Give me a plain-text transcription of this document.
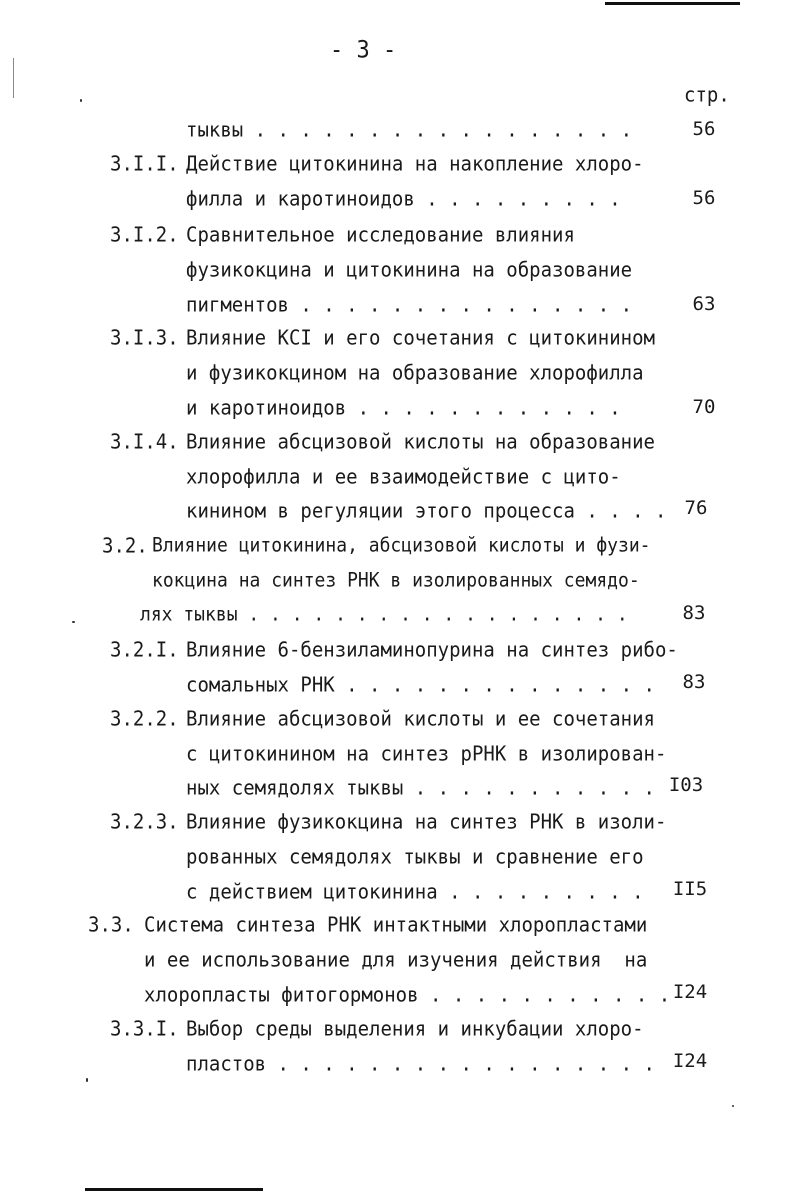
- 3 -
стр.
тыквы . . . . . . . . . . . . . . . . .	56
3.I.I. Действие цитокинина на накопление хлоро-
филла и каротиноидов . . . . . . . . .	56
3.I.2. Сравнительное исследование влияния
фузикокцина и цитокинина на образование
пигментов . . . . . . . . . . . . . . .	63
3.I.3. Влияние KCI и его сочетания с цитокинином
и фузикокцином на образование хлорофилла
и каротиноидов . . . . . . . . . . . .	70
3.I.4. Влияние абсцизовой кислоты на образование
хлорофилла и ее взаимодействие с цито-
кинином в регуляции этого процесса . . . . 76
3.2. Влияние цитокинина, абсцизовой кислоты и фузи-
кокцина на синтез РНК в изолированных семядо-
лях тыквы . . . . . . . . . . . . . . . . . .	83
3.2.I. Влияние 6-бензиламинопурина на синтез рибо-
сомальных РНК . . . . . . . . . . . . . .	83
3.2.2. Влияние абсцизовой кислоты и ее сочетания
с цитокинином на синтез рРНК в изолирован-
ных семядолях тыквы . . . . . . . . . . . I03
3.2.3. Влияние фузикокцина на синтез РНК в изоли-
рованных семядолях тыквы и сравнение его
с действием цитокинина . . . . . . . . .	II5
3.3. Система синтеза РНК интактными хлоропластами
и ее использование для изучения действия  на
хлоропласты фитогормонов . . . . . . . . . . . I24
3.3.I. Выбор среды выделения и инкубации хлоро-
пластов . . . . . . . . . . . . . . . . . I24
